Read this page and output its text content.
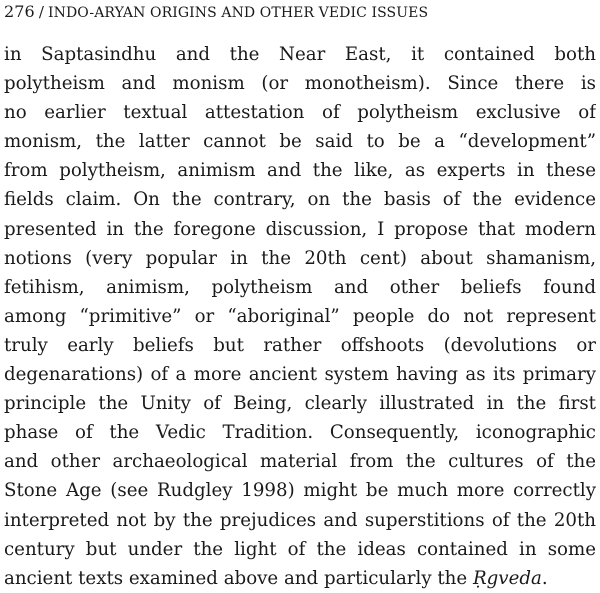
276 / INDO-ARYAN ORIGINS AND OTHER VEDIC ISSUES
in Saptasindhu and the Near East, it contained both
polytheism and monism (or monotheism). Since there is
no earlier textual attestation of polytheism exclusive of
monism, the latter cannot be said to be a “development”
from polytheism, animism and the like, as experts in these
fields claim. On the contrary, on the basis of the evidence
presented in the foregone discussion, I propose that modern
notions (very popular in the 20th cent) about shamanism,
fetihism, animism, polytheism and other beliefs found
among “primitive” or “aboriginal” people do not represent
truly early beliefs but rather offshoots (devolutions or
degenarations) of a more ancient system having as its primary
principle the Unity of Being, clearly illustrated in the first
phase of the Vedic Tradition. Consequently, iconographic
and other archaeological material from the cultures of the
Stone Age (see Rudgley 1998) might be much more correctly
interpreted not by the prejudices and superstitions of the 20th
century but under the light of the ideas contained in some
ancient texts examined above and particularly the Ṛgveda.
